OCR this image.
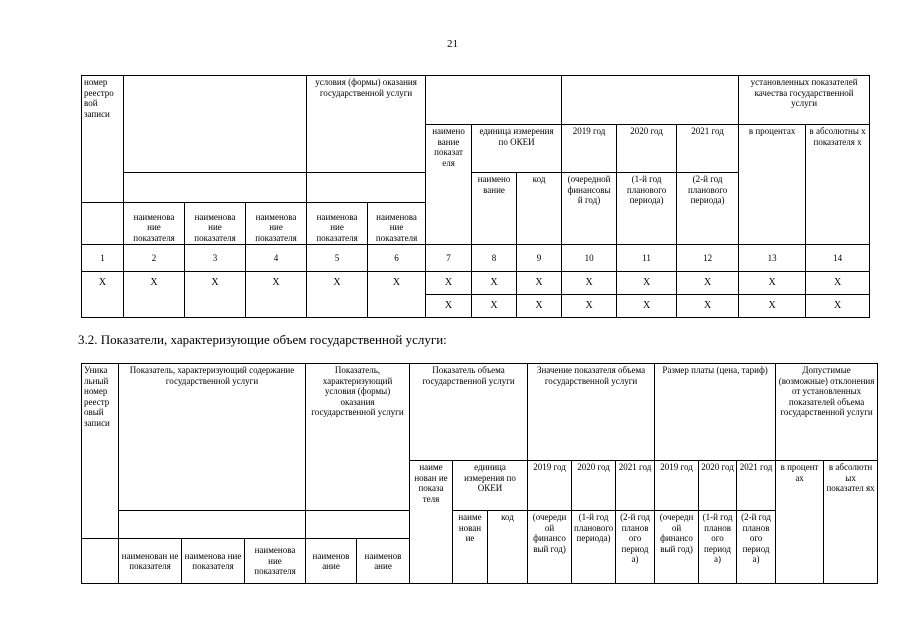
21
номер реестро вой записи				условия (формы) оказания государственной услуги								установленных показателей качества государственной услуги	
						наимено вание показат еля	единица измерения по ОКЕИ		2019 год	2020 год	2021 год	в процентах	в абсолютны х показателя х
							наимено вание	код	(очередной финансовы й год)	(1-й год планового периода)	(2-й год планового периода)		
	наименова ние показателя	наименова ние показателя	наименова ние показателя	наименова ние показателя	наименова ние показателя								
1	2	3	4	5	6	7	8	9	10	11	12	13	14
X	X	X	X	X	X	X	X	X	X	X	X	X	X
						X	X	X	X	X	X	X	X
3.2. Показатели, характеризующие объем государственной услуги:
Уника льный номер реестр овый записи	Показатель, характеризующий содержание государственной услуги			Показатель, характеризующий условия (формы) оказания государственной услуги		Показатель объема государственной услуги			Значение показателя объема государственной услуги			Размер платы (цена, тариф)			Допустимые (возможные) отклонения от установленных показателей объема государственной услуги	
						наиме нован ие показа теля	единица измерения по ОКЕИ		2019 год	2020 год	2021 год	2019 год	2020 год	2021 год	в процент ах	в абсолютн ых показател ях
							наиме нован ие	код	(очереди ой финансо вый год)	(1-й год планового периода)	(2-й год планов ого период а)	(очередн ой финансо вый год)	(1-й год планов ого период а)	(2-й год планов ого период а)		
	наименован ие показателя	наименова ние показателя	наименова ние показателя	наименов ание	наименов ание											
